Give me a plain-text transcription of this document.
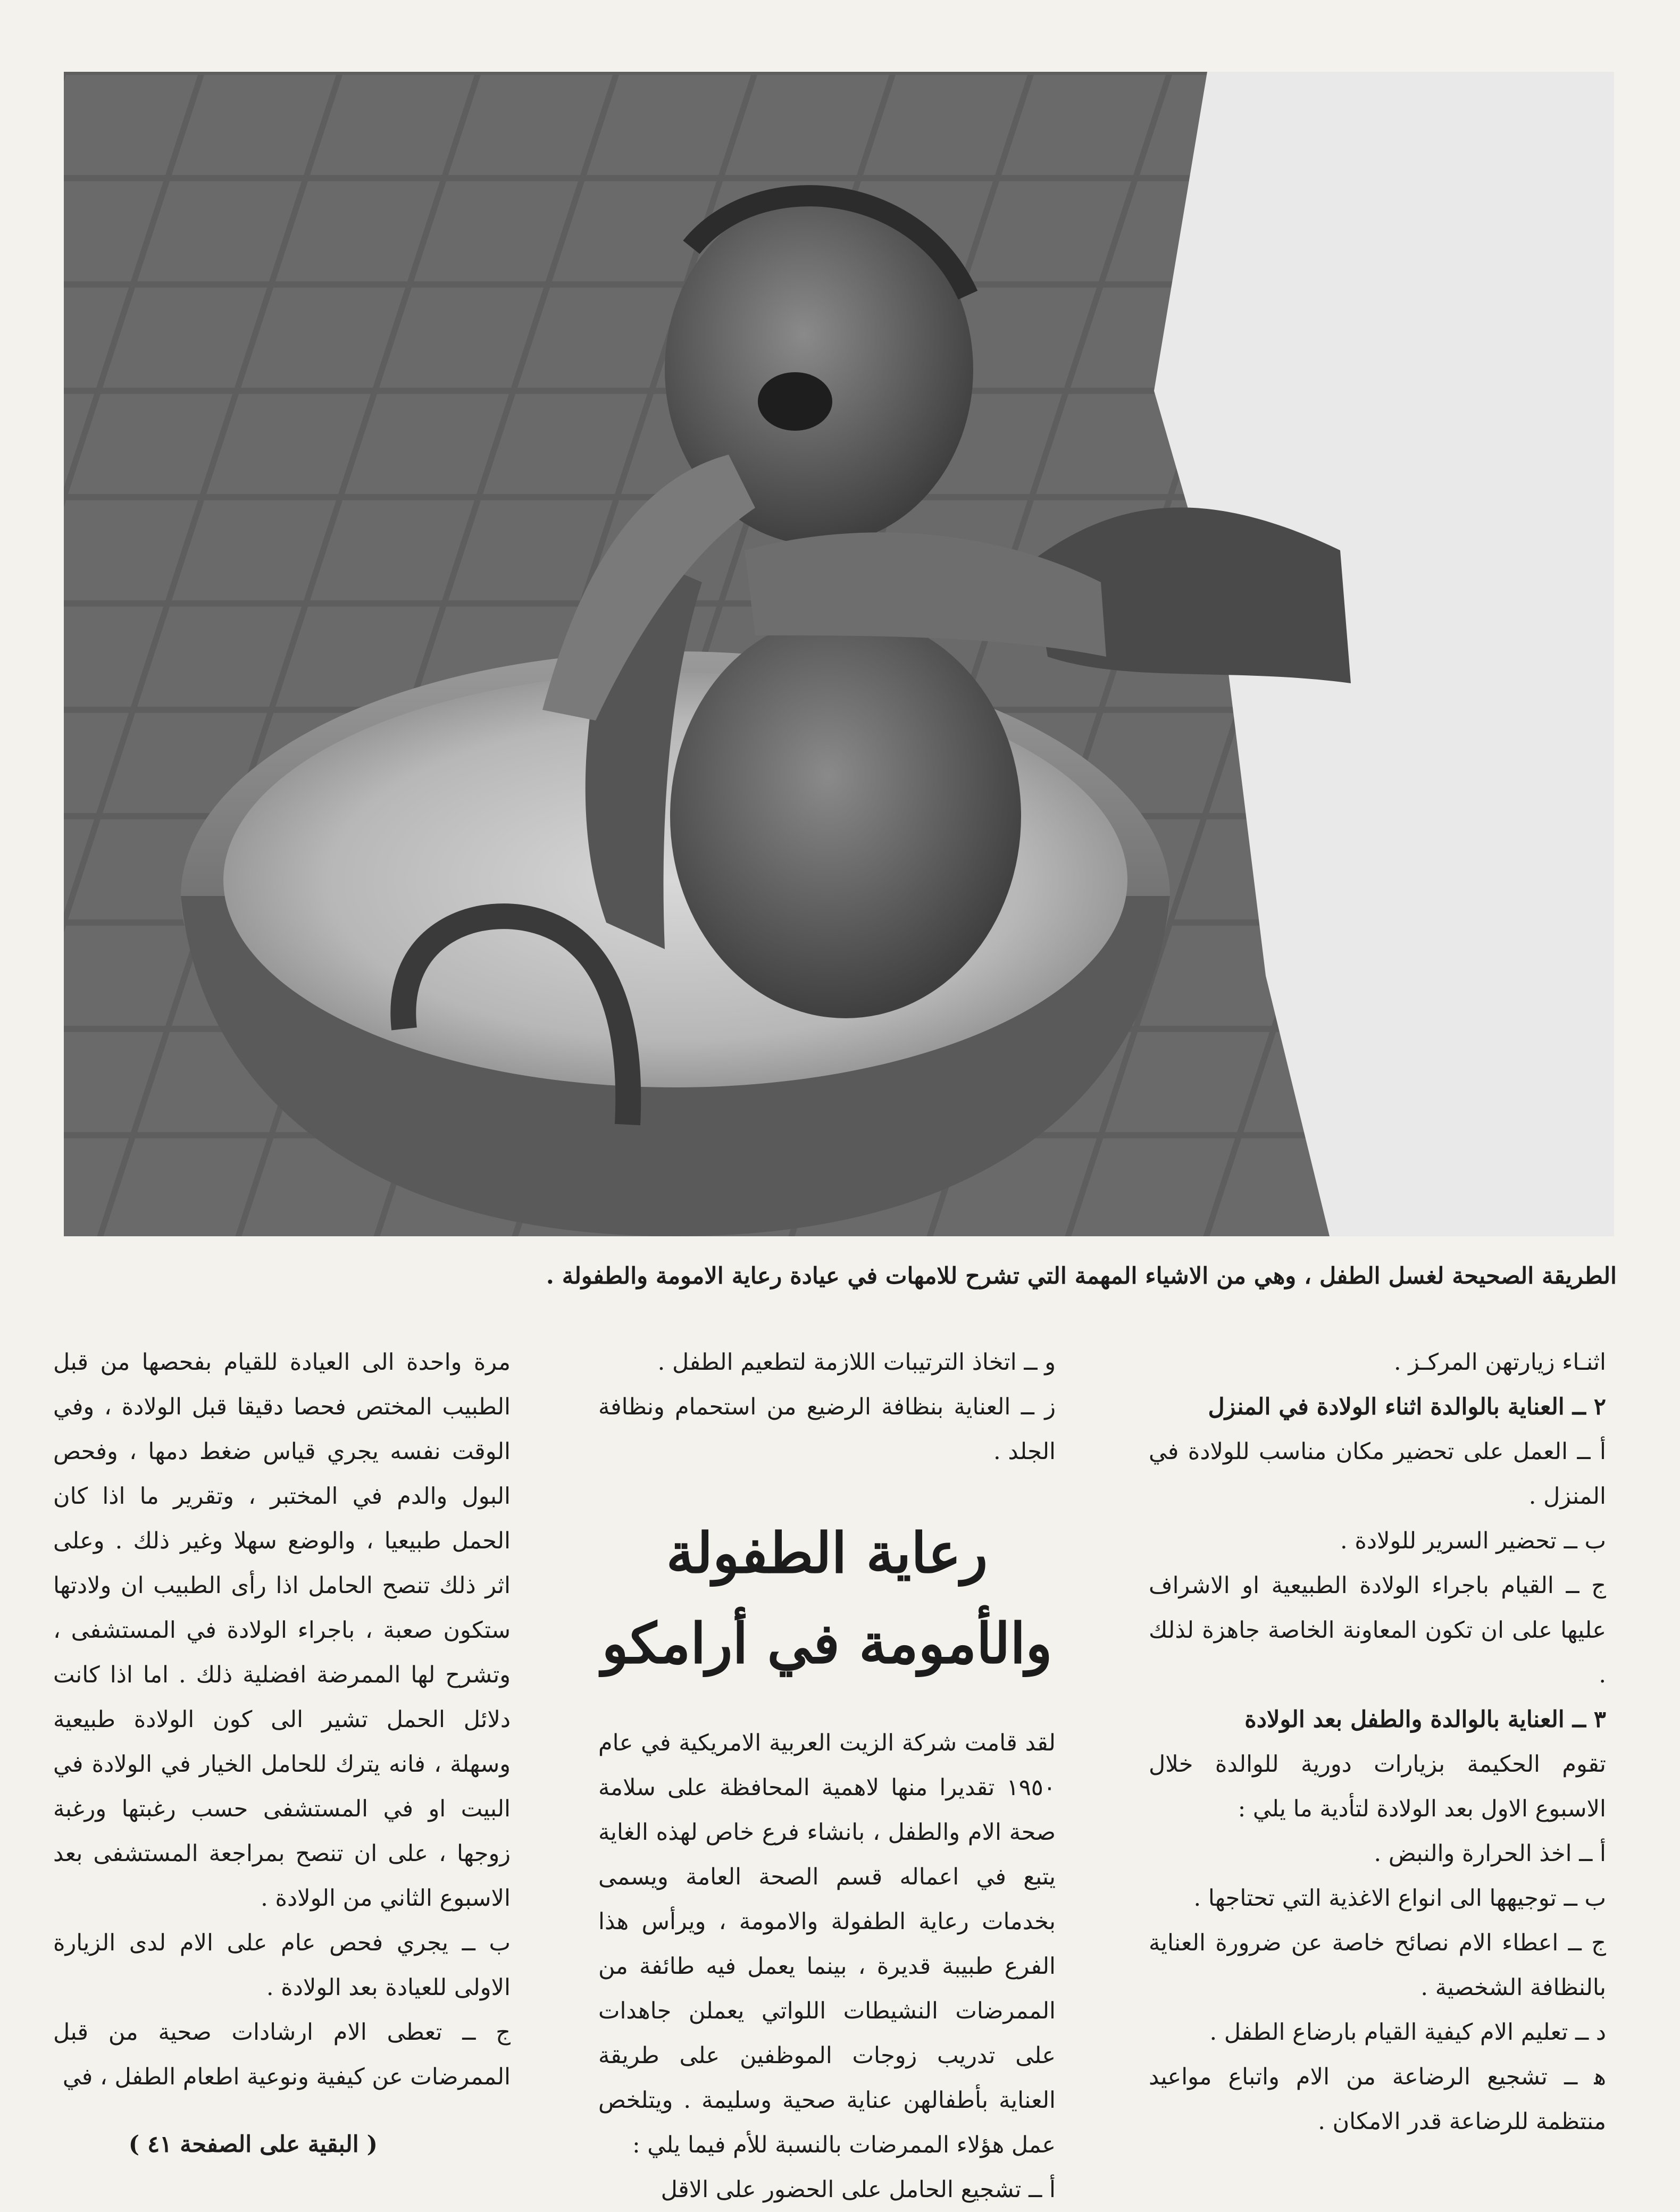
الطريقة الصحيحة لغسل الطفل ، وهي من الاشياء المهمة التي تشرح للامهات في عيادة رعاية الامومة والطفولة .

اثنـاء زيارتهن المركـز .

٢ ــ العناية بالوالدة اثناء الولادة في المنزل

أ ــ العمل على تحضير مكان مناسب للولادة في المنزل .

ب ــ تحضير السرير للولادة .

ج ــ القيام باجراء الولادة الطبيعية او الاشراف عليها على ان تكون المعاونة الخاصة جاهزة لذلك .

٣ ــ العناية بالوالدة والطفل بعد الولادة

تقوم الحكيمة بزيارات دورية للوالدة خلال الاسبوع الاول بعد الولادة لتأدية ما يلي :

أ ــ اخذ الحرارة والنبض .

ب ــ توجيهها الى انواع الاغذية التي تحتاجها .

ج ــ اعطاء الام نصائح خاصة عن ضرورة العناية بالنظافة الشخصية .

د ــ تعليم الام كيفية القيام بارضاع الطفل .

ﻫ ــ تشجيع الرضاعة من الام واتباع مواعيد منتظمة للرضاعة قدر الامكان .

و ــ اتخاذ الترتيبات اللازمة لتطعيم الطفل .

ز ــ العناية بنظافة الرضيع من استحمام ونظافة الجلد .

رعاية الطفولة والأمومة في أرامكو

لقد قامت شركة الزيت العربية الامريكية في عام ١٩٥٠ تقديرا منها لاهمية المحافظة على سلامة صحة الام والطفل ، بانشاء فرع خاص لهذه الغاية يتبع في اعماله قسم الصحة العامة ويسمى بخدمات رعاية الطفولة والامومة ، ويرأس هذا الفرع طبيبة قديرة ، بينما يعمل فيه طائفة من الممرضات النشيطات اللواتي يعملن جاهدات على تدريب زوجات الموظفين على طريقة العناية بأطفالهن عناية صحية وسليمة . ويتلخص عمل هؤلاء الممرضات بالنسبة للأم فيما يلي :

أ ــ تشجيع الحامل على الحضور على الاقل

مرة واحدة الى العيادة للقيام بفحصها من قبل الطبيب المختص فحصا دقيقا قبل الولادة ، وفي الوقت نفسه يجري قياس ضغط دمها ، وفحص البول والدم في المختبر ، وتقرير ما اذا كان الحمل طبيعيا ، والوضع سهلا وغير ذلك . وعلى اثر ذلك تنصح الحامل اذا رأى الطبيب ان ولادتها ستكون صعبة ، باجراء الولادة في المستشفى ، وتشرح لها الممرضة افضلية ذلك . اما اذا كانت دلائل الحمل تشير الى كون الولادة طبيعية وسهلة ، فانه يترك للحامل الخيار في الولادة في البيت او في المستشفى حسب رغبتها ورغبة زوجها ، على ان تنصح بمراجعة المستشفى بعد الاسبوع الثاني من الولادة .

ب ــ يجري فحص عام على الام لدى الزيارة الاولى للعيادة بعد الولادة .

ج ــ تعطى الام ارشادات صحية من قبل الممرضات عن كيفية ونوعية اطعام الطفل ، في

( البقية على الصفحة ٤١ )
